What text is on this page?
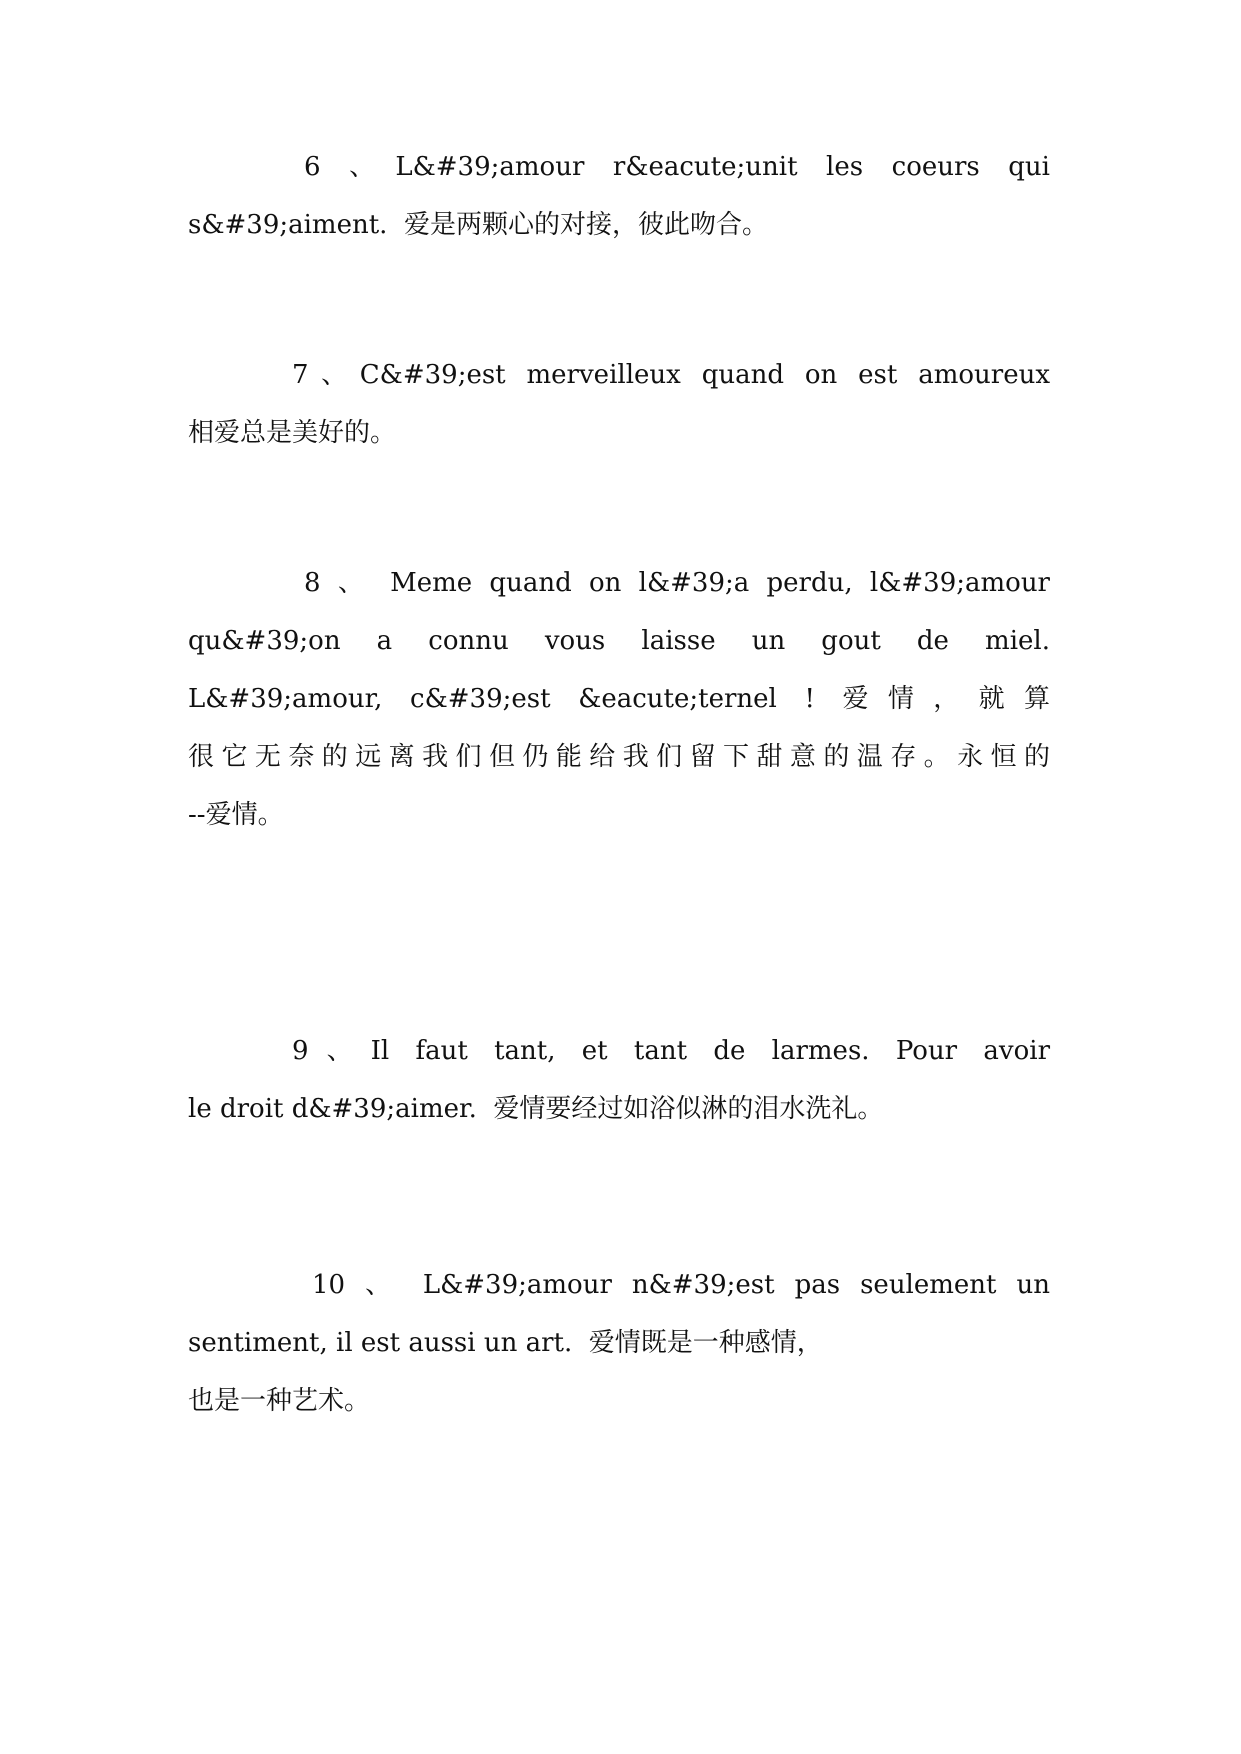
6 、L&#39;amour r&eacute;unit les coeurs qui
s&#39;aiment.  爱是两颗心的对接，彼此吻合。
7、C&#39;est merveilleux quand on est amoureux
相爱总是美好的。
8 、 Meme quand on l&#39;a perdu, l&#39;amour
qu&#39;on a connu vous laisse un gout de miel.
L&#39;amour, c&#39;est &eacute;ternel ! 爱情，就算
很它无奈的远离我们但仍能给我们留下甜意的温存。永恒的
--爱情。
9、Il faut tant, et tant de larmes. Pour avoir
le droit d&#39;aimer.  爱情要经过如浴似淋的泪水洗礼。
10 、 L&#39;amour n&#39;est pas seulement un
sentiment, il est aussi un art.  爱情既是一种感情，
也是一种艺术。
